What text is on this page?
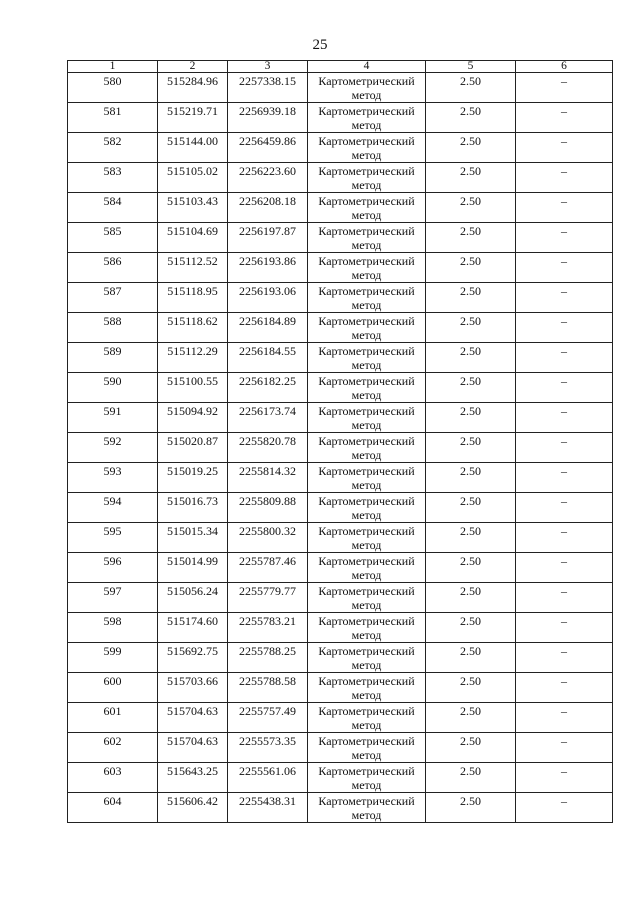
25
1	2	3	4	5	6
580	515284.96	2257338.15	Картометрический метод	2.50	–
581	515219.71	2256939.18	Картометрический метод	2.50	–
582	515144.00	2256459.86	Картометрический метод	2.50	–
583	515105.02	2256223.60	Картометрический метод	2.50	–
584	515103.43	2256208.18	Картометрический метод	2.50	–
585	515104.69	2256197.87	Картометрический метод	2.50	–
586	515112.52	2256193.86	Картометрический метод	2.50	–
587	515118.95	2256193.06	Картометрический метод	2.50	–
588	515118.62	2256184.89	Картометрический метод	2.50	–
589	515112.29	2256184.55	Картометрический метод	2.50	–
590	515100.55	2256182.25	Картометрический метод	2.50	–
591	515094.92	2256173.74	Картометрический метод	2.50	–
592	515020.87	2255820.78	Картометрический метод	2.50	–
593	515019.25	2255814.32	Картометрический метод	2.50	–
594	515016.73	2255809.88	Картометрический метод	2.50	–
595	515015.34	2255800.32	Картометрический метод	2.50	–
596	515014.99	2255787.46	Картометрический метод	2.50	–
597	515056.24	2255779.77	Картометрический метод	2.50	–
598	515174.60	2255783.21	Картометрический метод	2.50	–
599	515692.75	2255788.25	Картометрический метод	2.50	–
600	515703.66	2255788.58	Картометрический метод	2.50	–
601	515704.63	2255757.49	Картометрический метод	2.50	–
602	515704.63	2255573.35	Картометрический метод	2.50	–
603	515643.25	2255561.06	Картометрический метод	2.50	–
604	515606.42	2255438.31	Картометрический метод	2.50	–
